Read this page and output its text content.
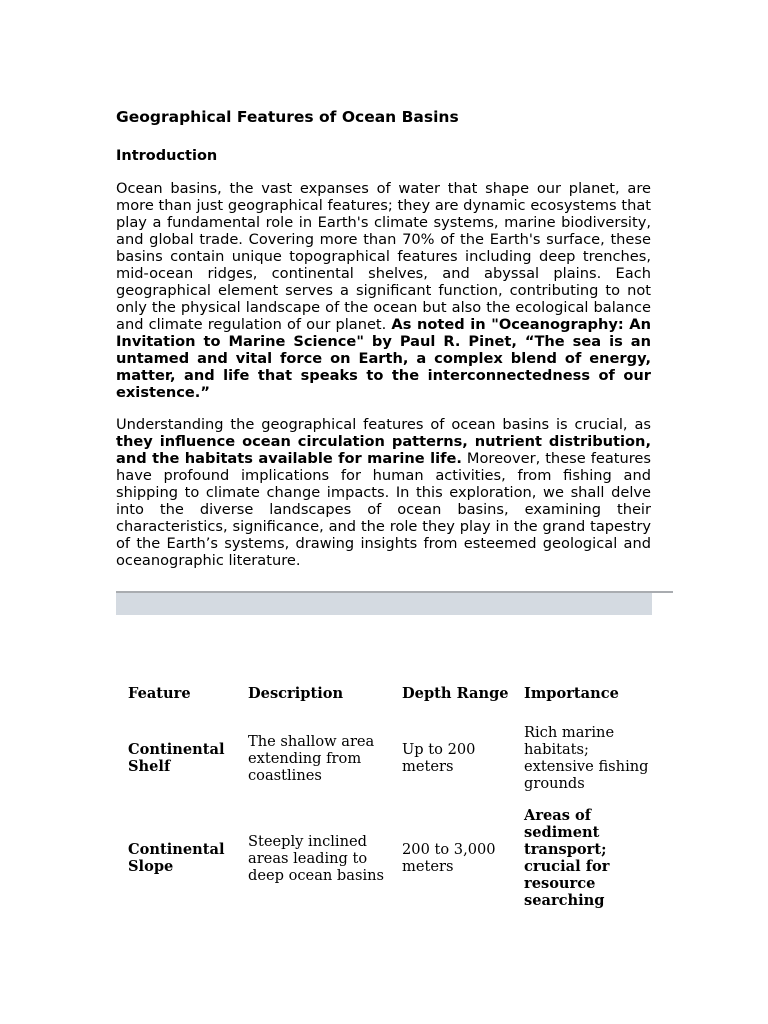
Geographical Features of Ocean Basins
Introduction

Ocean basins, the vast expanses of water that shape our planet, are more than just geographical features; they are dynamic ecosystems that play a fundamental role in Earth's climate systems, marine biodiversity, and global trade. Covering more than 70% of the Earth's surface, these basins contain unique topographical features including deep trenches, mid-ocean ridges, continental shelves, and abyssal plains. Each geographical element serves a significant function, contributing to not only the physical landscape of the ocean but also the ecological balance and climate regulation of our planet. As noted in "Oceanography: An Invitation to Marine Science" by Paul R. Pinet, “The sea is an untamed and vital force on Earth, a complex blend of energy, matter, and life that speaks to the interconnectedness of our existence.”

Understanding the geographical features of ocean basins is crucial, as they influence ocean circulation patterns, nutrient distribution, and the habitats available for marine life. Moreover, these features have profound implications for human activities, from fishing and shipping to climate change impacts. In this exploration, we shall delve into the diverse landscapes of ocean basins, examining their characteristics, significance, and the role they play in the grand tapestry of the Earth’s systems, drawing insights from esteemed geological and oceanographic literature.

Feature	Description	Depth Range	Importance
Continental Shelf	The shallow area extending from coastlines	Up to 200 meters	Rich marine habitats; extensive fishing grounds
Continental Slope	Steeply inclined areas leading to deep ocean basins	200 to 3,000 meters	Areas of sediment transport; crucial for resource searching
